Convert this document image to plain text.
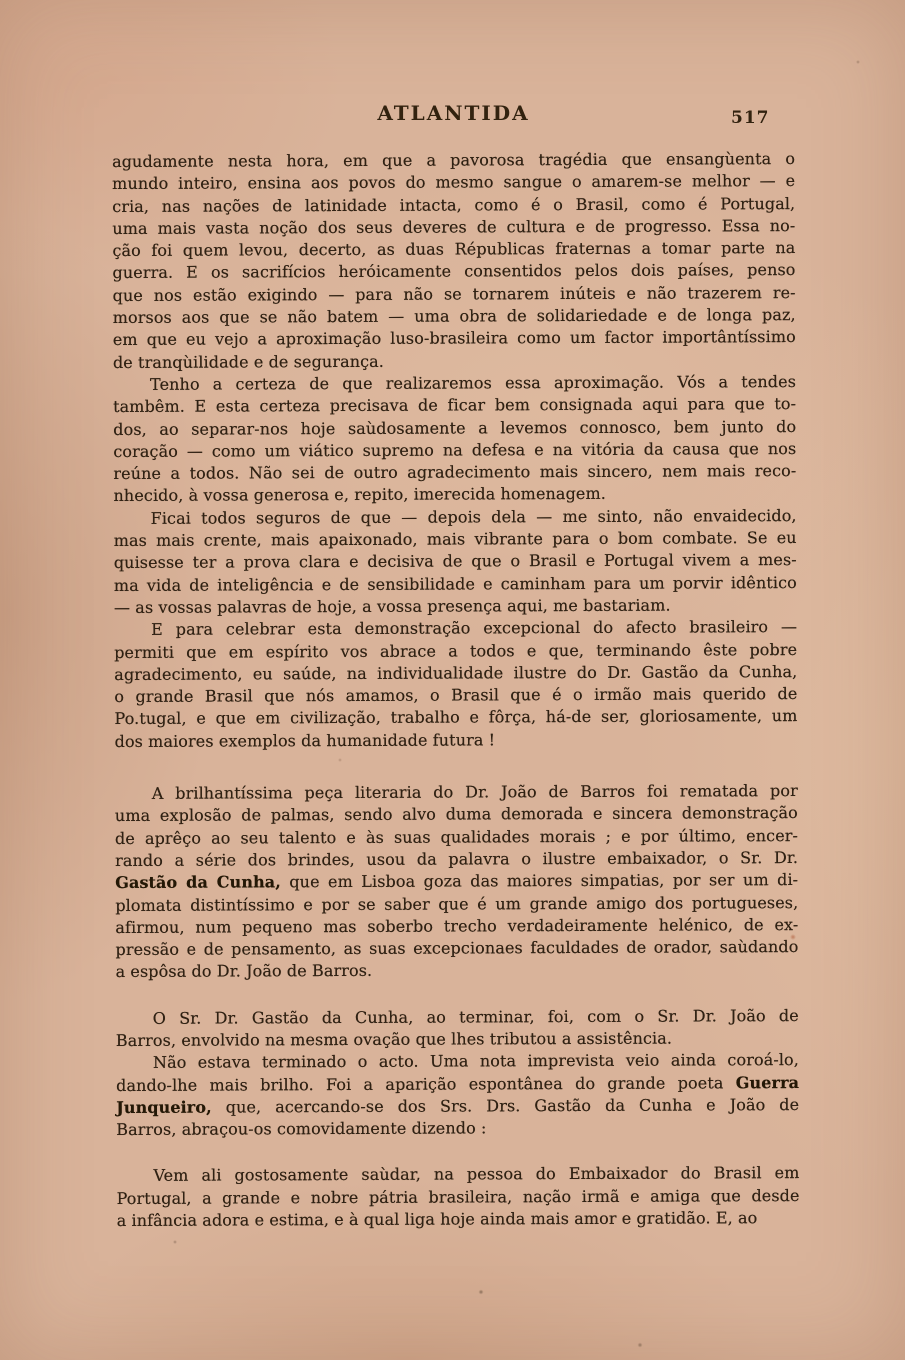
ATLANTIDA	517
agudamente nesta hora, em que a pavorosa tragédia que ensangùenta o
mundo inteiro, ensina aos povos do mesmo sangue o amarem-se melhor — e
cria, nas nações de latinidade intacta, como é o Brasil, como é Portugal,
uma mais vasta noção dos seus deveres de cultura e de progresso. Essa no-
ção foi quem levou, decerto, as duas Républicas fraternas a tomar parte na
guerra. E os sacrifícios heróicamente consentidos pelos dois países, penso
que nos estão exigindo — para não se tornarem inúteis e não trazerem re-
morsos aos que se não batem — uma obra de solidariedade e de longa paz,
em que eu vejo a aproximação luso-brasileira como um factor importântíssimo
de tranqùilidade e de segurança.
Tenho a certeza de que realizaremos essa aproximação. Vós a tendes
tambêm. E esta certeza precisava de ficar bem consignada aqui para que to-
dos, ao separar-nos hoje saùdosamente a levemos connosco, bem junto do
coração — como um viático supremo na defesa e na vitória da causa que nos
reúne a todos. Não sei de outro agradecimento mais sincero, nem mais reco-
nhecido, à vossa generosa e, repito, imerecida homenagem.
Ficai todos seguros de que — depois dela — me sinto, não envaidecido,
mas mais crente, mais apaixonado, mais vibrante para o bom combate. Se eu
quisesse ter a prova clara e decisiva de que o Brasil e Portugal vivem a mes-
ma vida de inteligência e de sensibilidade e caminham para um porvir idêntico
— as vossas palavras de hoje, a vossa presença aqui, me bastariam.
E para celebrar esta demonstração excepcional do afecto brasileiro —
permiti que em espírito vos abrace a todos e que, terminando êste pobre
agradecimento, eu saúde, na individualidade ilustre do Dr. Gastão da Cunha,
o grande Brasil que nós amamos, o Brasil que é o irmão mais querido de
Po.tugal, e que em civilização, trabalho e fôrça, há-de ser, gloriosamente, um
dos maiores exemplos da humanidade futura !
A brilhantíssima peça literaria do Dr. João de Barros foi rematada por
uma explosão de palmas, sendo alvo duma demorada e sincera demonstração
de aprêço ao seu talento e às suas qualidades morais ; e por último, encer-
rando a série dos brindes, usou da palavra o ilustre embaixador, o Sr. Dr.
Gastão da Cunha, que em Lisboa goza das maiores simpatias, por ser um di-
plomata distintíssimo e por se saber que é um grande amigo dos portugueses,
afirmou, num pequeno mas soberbo trecho verdadeiramente helénico, de ex-
pressão e de pensamento, as suas excepcionaes faculdades de orador, saùdando
a espôsa do Dr. João de Barros.
O Sr. Dr. Gastão da Cunha, ao terminar, foi, com o Sr. Dr. João de
Barros, envolvido na mesma ovação que lhes tributou a assistência.
Não estava terminado o acto. Uma nota imprevista veio ainda coroá-lo,
dando-lhe mais brilho. Foi a aparição espontânea do grande poeta Guerra
Junqueiro, que, acercando-se dos Srs. Drs. Gastão da Cunha e João de
Barros, abraçou-os comovidamente dizendo :
Vem ali gostosamente saùdar, na pessoa do Embaixador do Brasil em
Portugal, a grande e nobre pátria brasileira, nação irmã e amiga que desde
a infância adora e estima, e à qual liga hoje ainda mais amor e gratidão. E, ao
